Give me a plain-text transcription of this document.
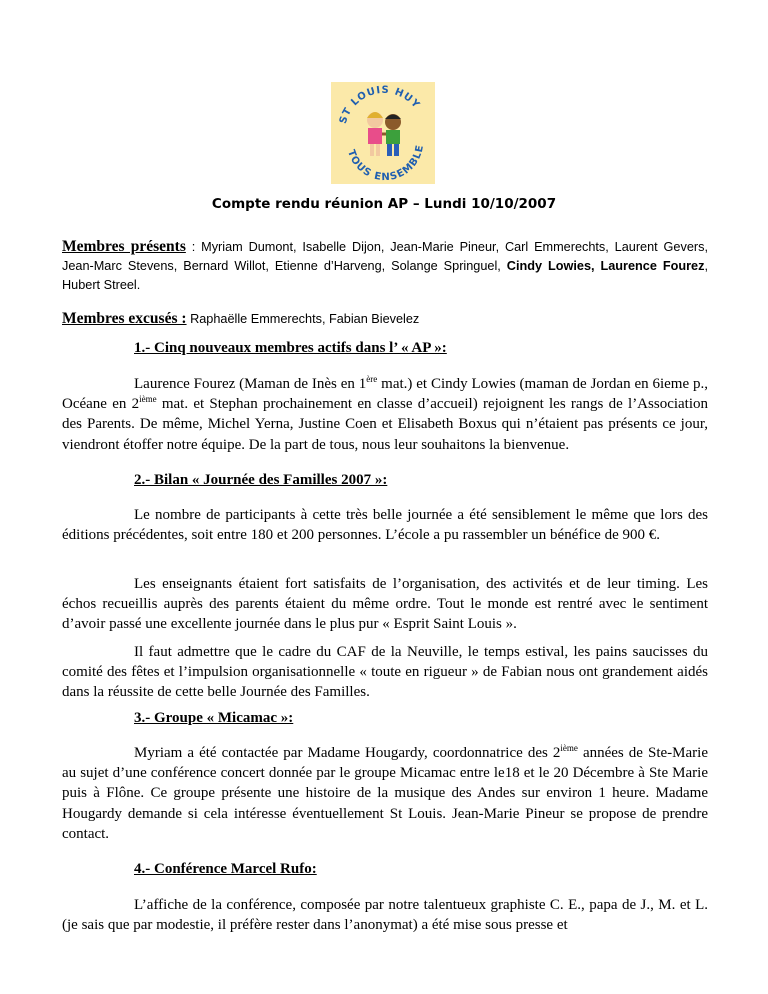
ST LOUIS HUY
TOUS ENSEMBLE
Compte rendu réunion AP – Lundi 10/10/2007
Membres présents : Myriam Dumont, Isabelle Dijon, Jean-Marie Pineur, Carl Emmerechts, Laurent Gevers, Jean-Marc Stevens, Bernard Willot, Etienne d’Harveng, Solange Springuel, Cindy Lowies, Laurence Fourez, Hubert Streel.
Membres excusés : Raphaëlle Emmerechts, Fabian Bievelez
1.- Cinq nouveaux membres actifs dans l’ « AP »:
Laurence Fourez (Maman de Inès en 1ère mat.) et Cindy Lowies (maman de Jordan en 6ieme p., Océane en 2ième mat. et Stephan prochainement en classe d’accueil) rejoignent les rangs de l’Association des Parents. De même, Michel Yerna, Justine Coen et Elisabeth Boxus qui n’étaient pas présents ce jour, viendront étoffer notre équipe. De la part de tous, nous leur souhaitons la bienvenue.
2.- Bilan « Journée des Familles 2007 »:
Le nombre de participants à cette très belle journée a été sensiblement le même que lors des éditions précédentes, soit entre 180 et 200 personnes. L’école a pu rassembler un bénéfice de 900 €.
Les enseignants étaient fort satisfaits de l’organisation, des activités et de leur timing. Les échos recueillis auprès des parents étaient du même ordre. Tout le monde est rentré avec le sentiment d’avoir passé une excellente journée dans le plus pur « Esprit Saint Louis ».
Il faut admettre que le cadre du CAF de la Neuville, le temps estival, les pains saucisses du comité des fêtes et l’impulsion organisationnelle « toute en rigueur » de Fabian nous ont grandement aidés dans la réussite de cette belle Journée des Familles.
3.- Groupe « Micamac »:
Myriam a été contactée par Madame Hougardy, coordonnatrice des 2ième années de Ste-Marie au sujet d’une conférence concert donnée par le groupe Micamac entre le18 et le 20 Décembre à Ste Marie puis à Flône. Ce groupe présente une histoire de la musique des Andes sur environ 1 heure. Madame Hougardy demande si cela intéresse éventuellement St Louis. Jean-Marie Pineur se propose de prendre contact.
4.- Conférence Marcel Rufo:
L’affiche de la conférence, composée par notre talentueux graphiste C. E., papa de J., M. et L. (je sais que par modestie, il préfère rester dans l’anonymat) a été mise sous presse et
